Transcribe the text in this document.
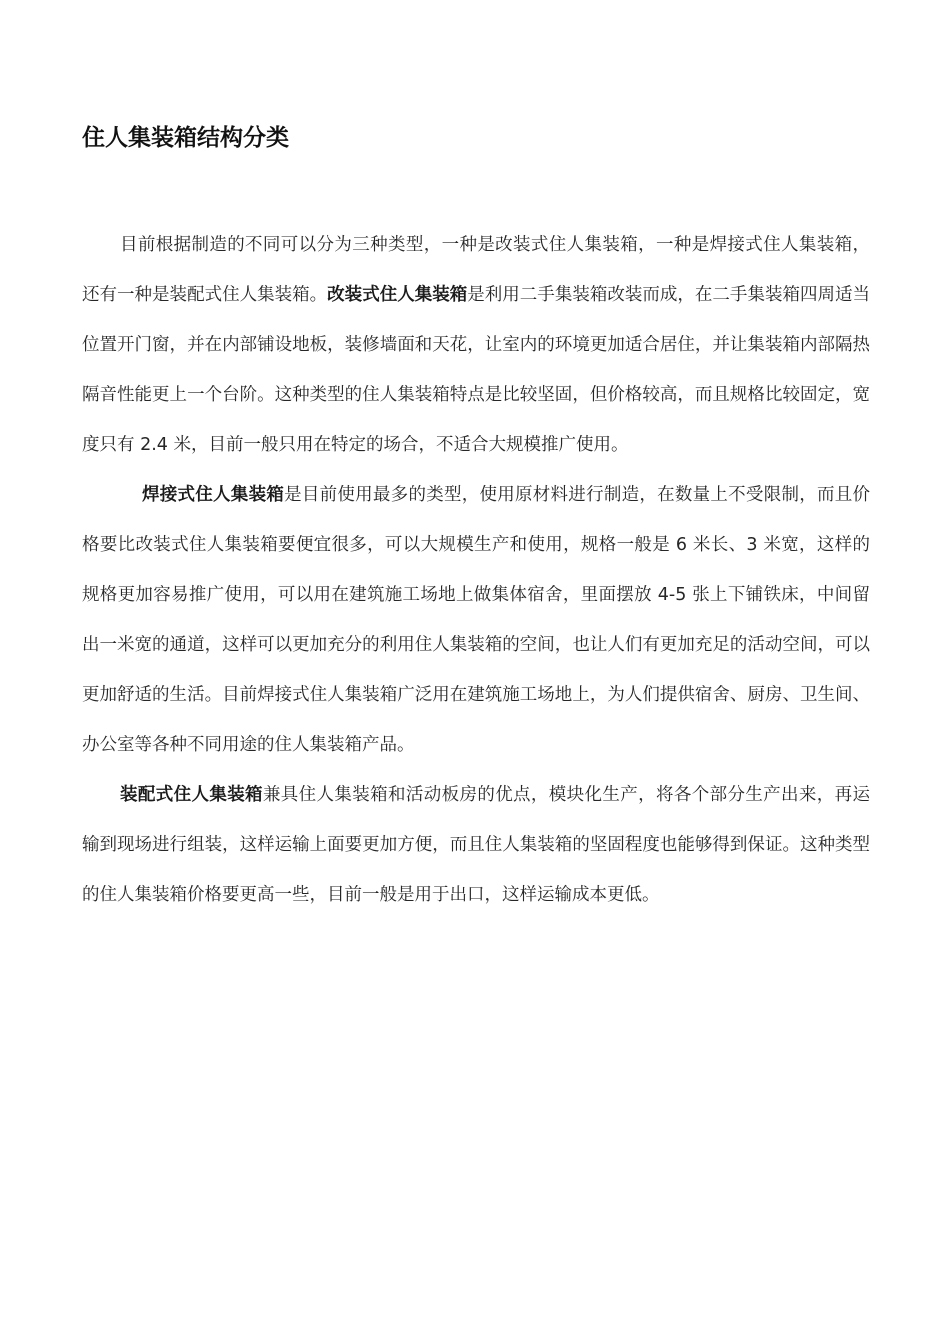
住人集装箱结构分类

目前根据制造的不同可以分为三种类型，一种是改装式住人集装箱，一种是焊接式住人集装箱，还有一种是装配式住人集装箱。改装式住人集装箱是利用二手集装箱改装而成，在二手集装箱四周适当位置开门窗，并在内部铺设地板，装修墙面和天花，让室内的环境更加适合居住，并让集装箱内部隔热隔音性能更上一个台阶。这种类型的住人集装箱特点是比较坚固，但价格较高，而且规格比较固定，宽度只有 2.4 米，目前一般只用在特定的场合，不适合大规模推广使用。

焊接式住人集装箱是目前使用最多的类型，使用原材料进行制造，在数量上不受限制，而且价格要比改装式住人集装箱要便宜很多，可以大规模生产和使用，规格一般是 6 米长、3 米宽，这样的规格更加容易推广使用，可以用在建筑施工场地上做集体宿舍，里面摆放 4-5 张上下铺铁床，中间留出一米宽的通道，这样可以更加充分的利用住人集装箱的空间，也让人们有更加充足的活动空间，可以更加舒适的生活。目前焊接式住人集装箱广泛用在建筑施工场地上，为人们提供宿舍、厨房、卫生间、办公室等各种不同用途的住人集装箱产品。

装配式住人集装箱兼具住人集装箱和活动板房的优点，模块化生产，将各个部分生产出来，再运输到现场进行组装，这样运输上面要更加方便，而且住人集装箱的坚固程度也能够得到保证。这种类型的住人集装箱价格要更高一些，目前一般是用于出口，这样运输成本更低。
